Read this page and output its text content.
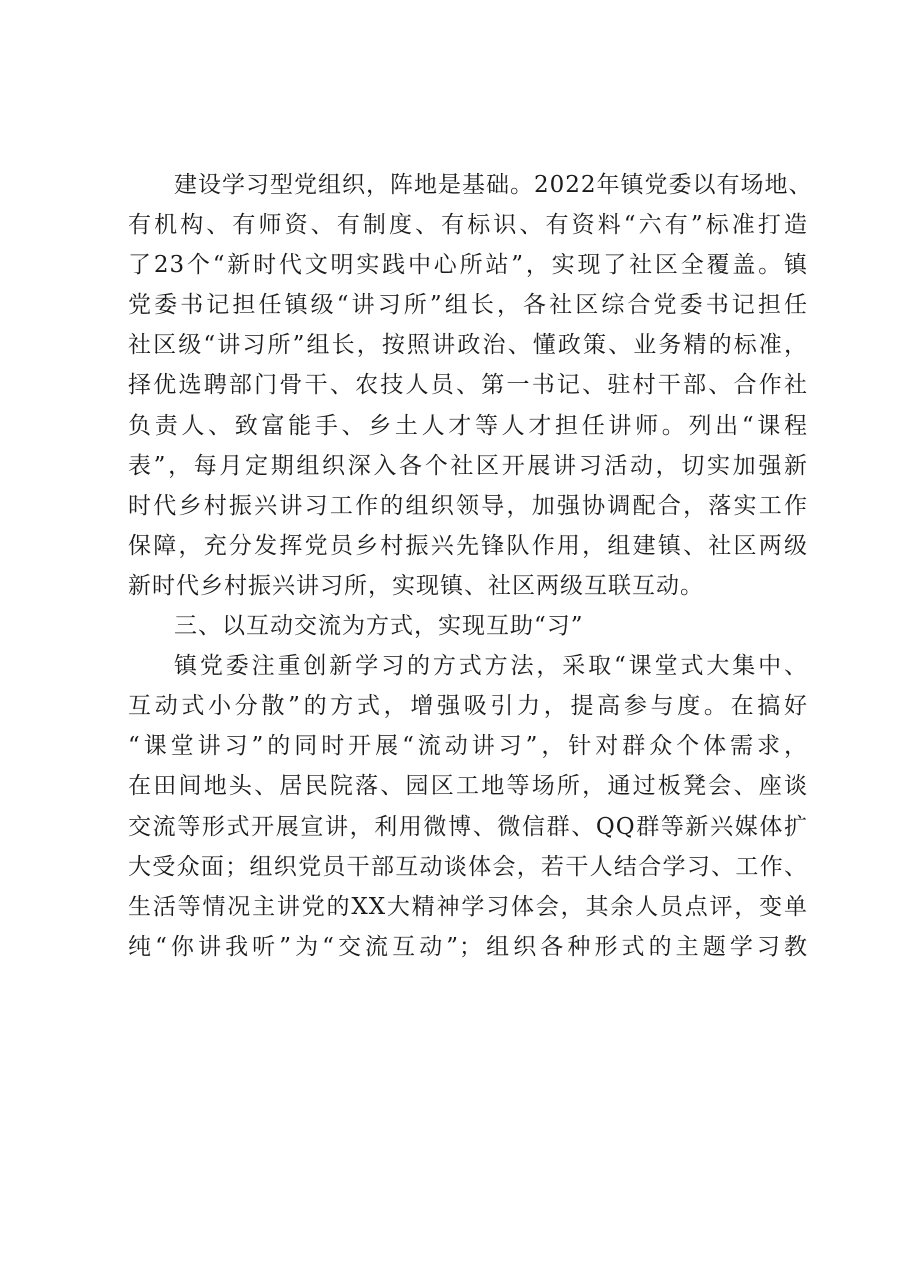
建设学习型党组织，阵地是基础。2022年镇党委以有场地、

有机构、有师资、有制度、有标识、有资料“六有”标准打造

了23个“新时代文明实践中心所站”，实现了社区全覆盖。镇

党委书记担任镇级“讲习所”组长，各社区综合党委书记担任

社区级“讲习所”组长，按照讲政治、懂政策、业务精的标准，

择优选聘部门骨干、农技人员、第一书记、驻村干部、合作社

负责人、致富能手、乡土人才等人才担任讲师。列出“课程

表”，每月定期组织深入各个社区开展讲习活动，切实加强新

时代乡村振兴讲习工作的组织领导，加强协调配合，落实工作

保障，充分发挥党员乡村振兴先锋队作用，组建镇、社区两级

新时代乡村振兴讲习所，实现镇、社区两级互联互动。

三、以互动交流为方式，实现互助“习”

镇党委注重创新学习的方式方法，采取“课堂式大集中、

互动式小分散”的方式，增强吸引力，提高参与度。在搞好

“课堂讲习”的同时开展“流动讲习”，针对群众个体需求，

在田间地头、居民院落、园区工地等场所，通过板凳会、座谈

交流等形式开展宣讲，利用微博、微信群、QQ群等新兴媒体扩

大受众面；组织党员干部互动谈体会，若干人结合学习、工作、

生活等情况主讲党的XX大精神学习体会，其余人员点评，变单

纯“你讲我听”为“交流互动”；组织各种形式的主题学习教
